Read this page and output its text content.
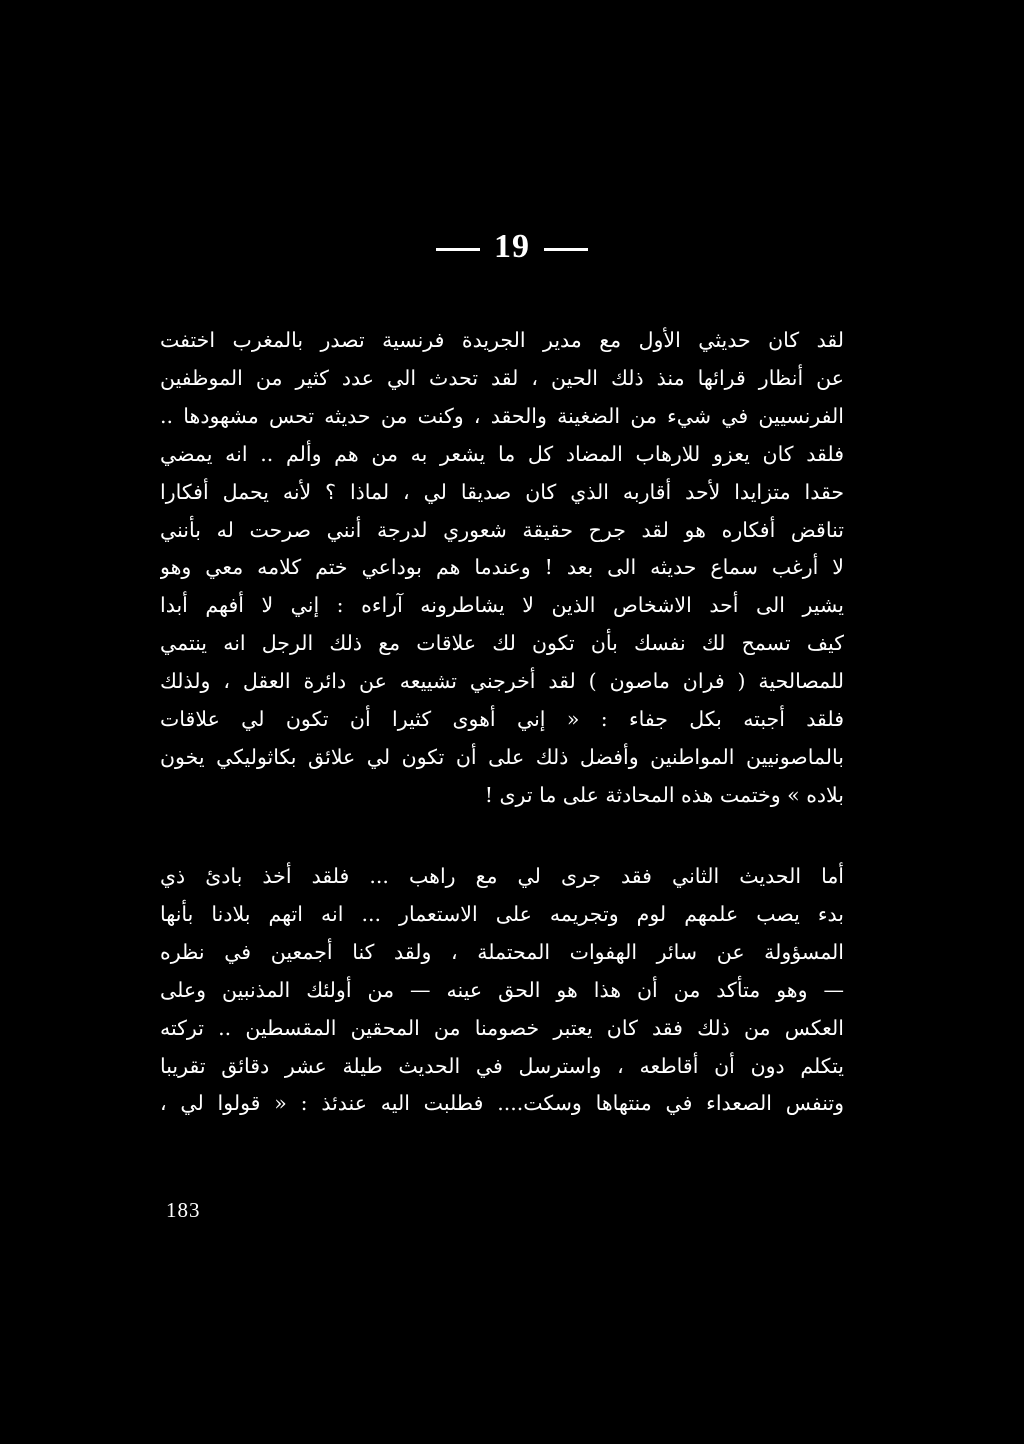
19
لقد كان حديثي الأول مع مدير الجريدة فرنسية تصدر بالمغرب اختفت
عن أنظار قرائها منذ ذلك الحين ، لقد تحدث الي عدد كثير من الموظفين
الفرنسيين في شيء من الضغينة والحقد ، وكنت من حديثه تحس مشهودها ..
فلقد كان يعزو للارهاب المضاد كل ما يشعر به من هم وألم .. انه يمضي
حقدا متزايدا لأحد أقاربه الذي كان صديقا لي ، لماذا ؟ لأنه يحمل أفكارا
تناقض أفكاره هو لقد جرح حقيقة شعوري لدرجة أنني صرحت له بأنني
لا أرغب سماع حديثه الى بعد ! وعندما هم بوداعي ختم كلامه معي وهو
يشير الى أحد الاشخاص الذين لا يشاطرونه آراءه : إني لا أفهم أبدا
كيف تسمح لك نفسك بأن تكون لك علاقات مع ذلك الرجل انه ينتمي
للمصالحية ( فران ماصون ) لقد أخرجني تشييعه عن دائرة العقل ، ولذلك
فلقد أجبته بكل جفاء : « إني أهوى كثيرا أن تكون لي علاقات
بالماصونيين المواطنين وأفضل ذلك على أن تكون لي علائق بكاثوليكي يخون
بلاده » وختمت هذه المحادثة على ما ترى !
أما الحديث الثاني فقد جرى لي مع راهب ... فلقد أخذ بادئ ذي
بدء يصب علمهم لوم وتجريمه على الاستعمار ... انه اتهم بلادنا بأنها
المسؤولة عن سائر الهفوات المحتملة ، ولقد كنا أجمعين في نظره
— وهو متأكد من أن هذا هو الحق عينه — من أولئك المذنبين وعلى
العكس من ذلك فقد كان يعتبر خصومنا من المحقين المقسطين .. تركته
يتكلم دون أن أقاطعه ، واسترسل في الحديث طيلة عشر دقائق تقريبا
وتنفس الصعداء في منتهاها وسكت.... فطلبت اليه عندئذ : « قولوا لي ،
183
